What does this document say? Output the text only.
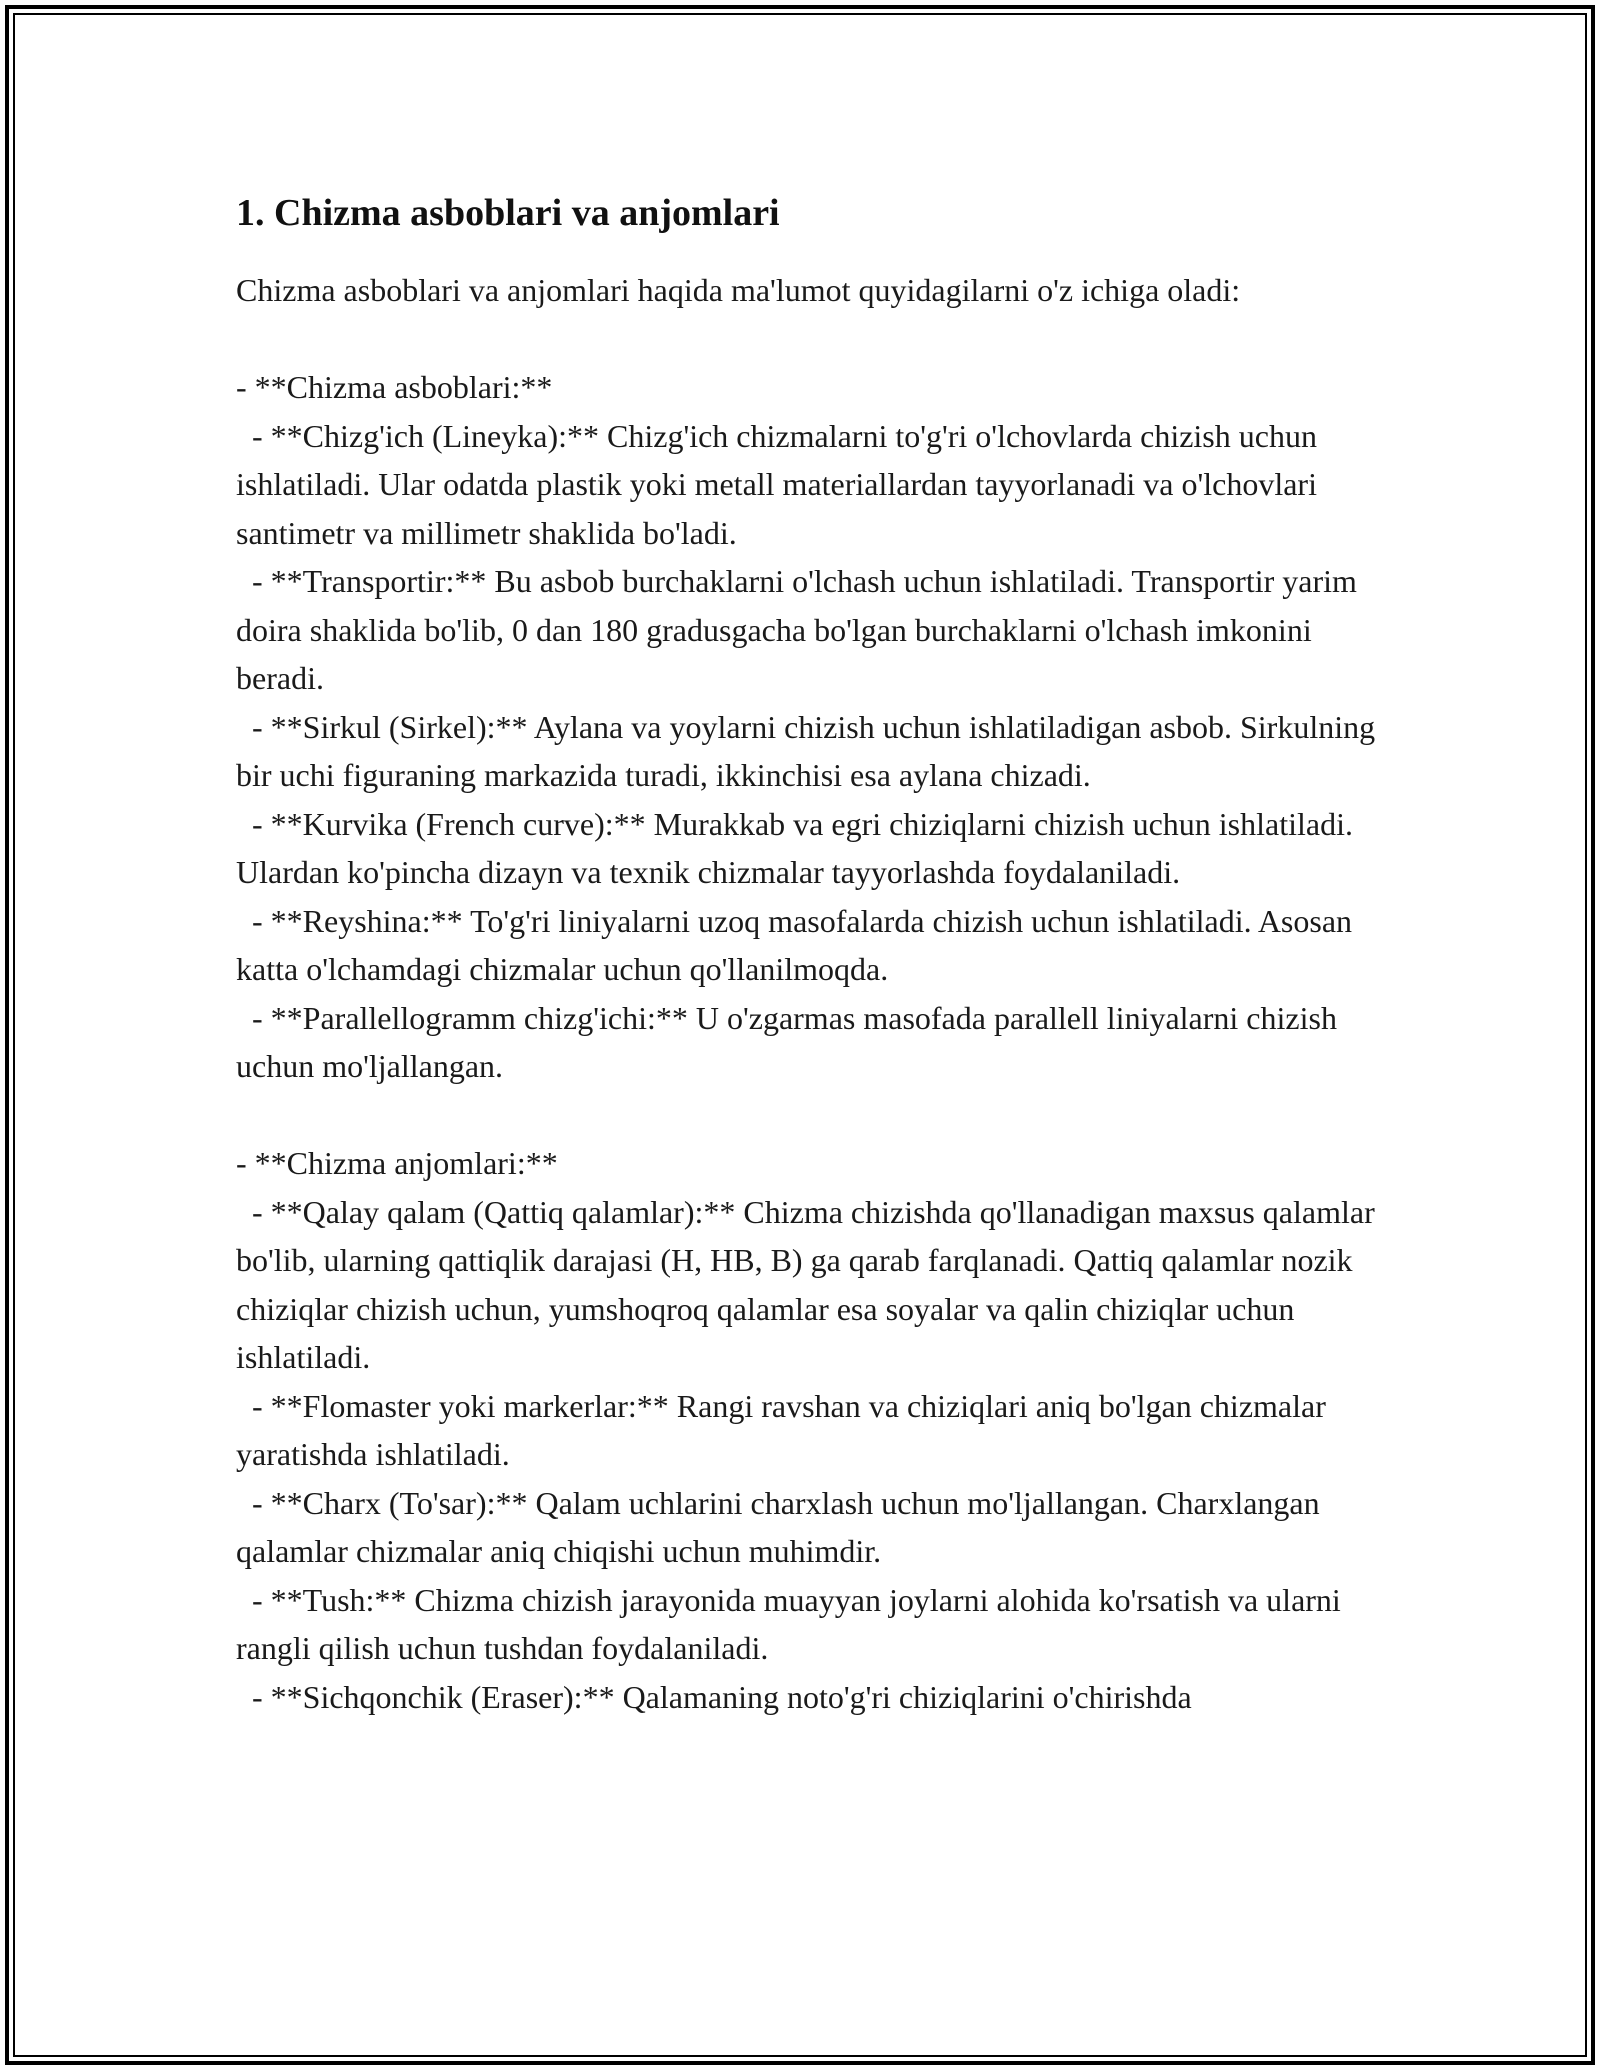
1. Chizma asboblari va anjomlari

Chizma asboblari va anjomlari haqida ma'lumot quyidagilarni o'z ichiga oladi:

- **Chizma asboblari:**
- **Chizg'ich (Lineyka):** Chizg'ich chizmalarni to'g'ri o'lchovlarda chizish uchun ishlatiladi. Ular odatda plastik yoki metall materiallardan tayyorlanadi va o'lchovlari santimetr va millimetr shaklida bo'ladi.
- **Transportir:** Bu asbob burchaklarni o'lchash uchun ishlatiladi. Transportir yarim doira shaklida bo'lib, 0 dan 180 gradusgacha bo'lgan burchaklarni o'lchash imkonini beradi.
- **Sirkul (Sirkel):** Aylana va yoylarni chizish uchun ishlatiladigan asbob. Sirkulning bir uchi figuraning markazida turadi, ikkinchisi esa aylana chizadi.
- **Kurvika (French curve):** Murakkab va egri chiziqlarni chizish uchun ishlatiladi. Ulardan ko'pincha dizayn va texnik chizmalar tayyorlashda foydalaniladi.
- **Reyshina:** To'g'ri liniyalarni uzoq masofalarda chizish uchun ishlatiladi. Asosan katta o'lchamdagi chizmalar uchun qo'llanilmoqda.
- **Parallellogramm chizg'ichi:** U o'zgarmas masofada parallell liniyalarni chizish uchun mo'ljallangan.

- **Chizma anjomlari:**
- **Qalay qalam (Qattiq qalamlar):** Chizma chizishda qo'llanadigan maxsus qalamlar bo'lib, ularning qattiqlik darajasi (H, HB, B) ga qarab farqlanadi. Qattiq qalamlar nozik chiziqlar chizish uchun, yumshoqroq qalamlar esa soyalar va qalin chiziqlar uchun ishlatiladi.
- **Flomaster yoki markerlar:** Rangi ravshan va chiziqlari aniq bo'lgan chizmalar yaratishda ishlatiladi.
- **Charx (To'sar):** Qalam uchlarini charxlash uchun mo'ljallangan. Charxlangan qalamlar chizmalar aniq chiqishi uchun muhimdir.
- **Tush:** Chizma chizish jarayonida muayyan joylarni alohida ko'rsatish va ularni rangli qilish uchun tushdan foydalaniladi.
- **Sichqonchik (Eraser):** Qalamaning noto'g'ri chiziqlarini o'chirishda
